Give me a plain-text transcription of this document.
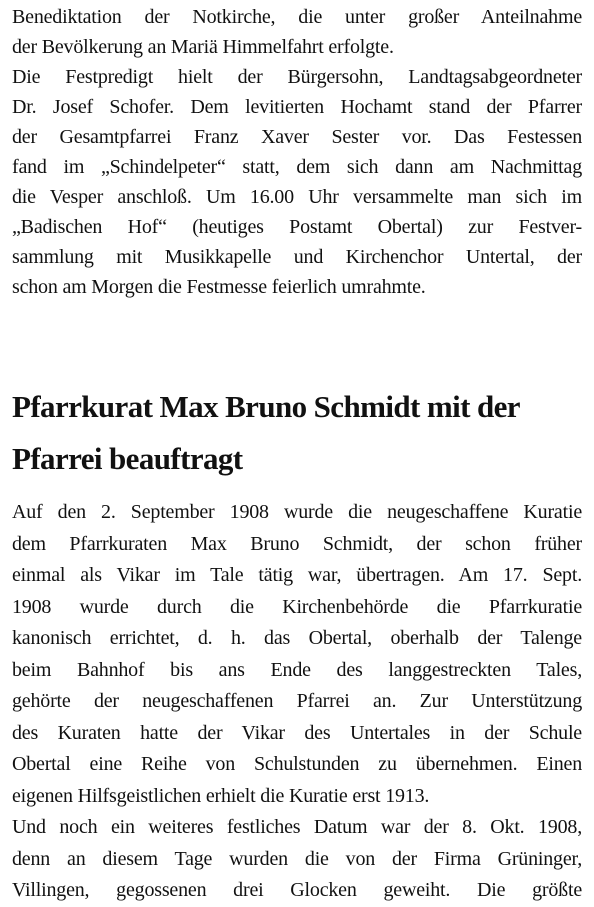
Benediktation der Notkirche, die unter großer Anteilnahme
der Bevölkerung an Mariä Himmelfahrt erfolgte.
Die Festpredigt hielt der Bürgersohn, Landtagsabgeordneter
Dr. Josef Schofer. Dem levitierten Hochamt stand der Pfarrer
der Gesamtpfarrei Franz Xaver Sester vor. Das Festessen
fand im „Schindelpeter“ statt, dem sich dann am Nachmittag
die Vesper anschloß. Um 16.00 Uhr versammelte man sich im
„Badischen Hof“ (heutiges Postamt Obertal) zur Festver-
sammlung mit Musikkapelle und Kirchenchor Untertal, der
schon am Morgen die Festmesse feierlich umrahmte.
Pfarrkurat Max Bruno Schmidt mit der
Pfarrei beauftragt
Auf den 2. September 1908 wurde die neugeschaffene Kuratie
dem Pfarrkuraten Max Bruno Schmidt, der schon früher
einmal als Vikar im Tale tätig war, übertragen. Am 17. Sept.
1908 wurde durch die Kirchenbehörde die Pfarrkuratie
kanonisch errichtet, d. h. das Obertal, oberhalb der Talenge
beim Bahnhof bis ans Ende des langgestreckten Tales,
gehörte der neugeschaffenen Pfarrei an. Zur Unterstützung
des Kuraten hatte der Vikar des Untertales in der Schule
Obertal eine Reihe von Schulstunden zu übernehmen. Einen
eigenen Hilfsgeistlichen erhielt die Kuratie erst 1913.
Und noch ein weiteres festliches Datum war der 8. Okt. 1908,
denn an diesem Tage wurden die von der Firma Grüninger,
Villingen, gegossenen drei Glocken geweiht. Die größte
